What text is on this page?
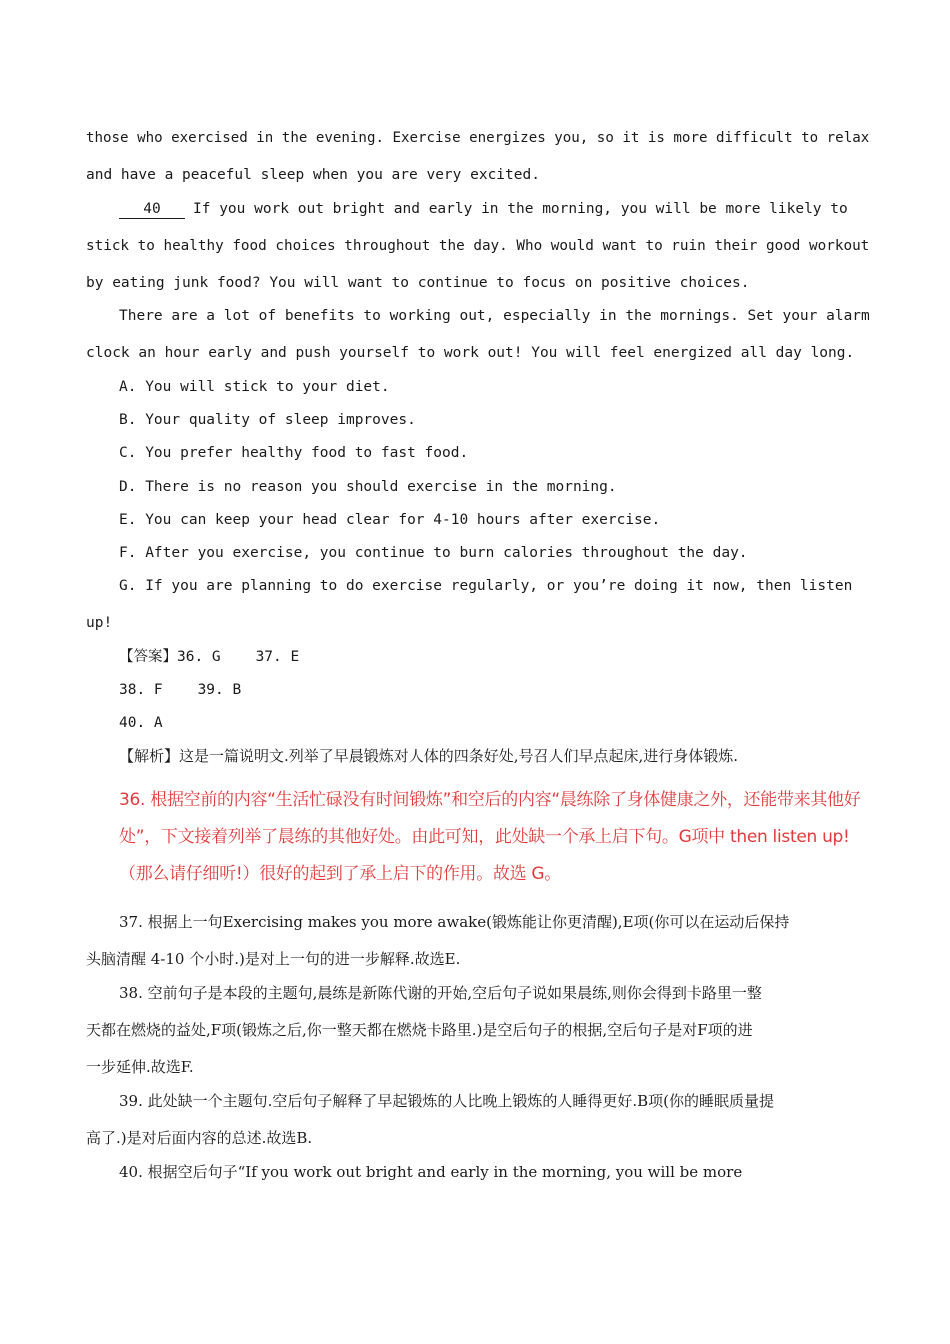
those who exercised in the evening. Exercise energizes you, so it is more difficult to relax
and have a peaceful sleep when you are very excited.
40 If you work out bright and early in the morning, you will be more likely to
stick to healthy food choices throughout the day. Who would want to ruin their good workout
by eating junk food? You will want to continue to focus on positive choices.
There are a lot of benefits to working out, especially in the mornings. Set your alarm
clock an hour early and push yourself to work out! You will feel energized all day long.
A. You will stick to your diet.
B. Your quality of sleep improves.
C. You prefer healthy food to fast food.
D. There is no reason you should exercise in the morning.
E. You can keep your head clear for 4-10 hours after exercise.
F. After you exercise, you continue to burn calories throughout the day.
G. If you are planning to do exercise regularly, or you’re doing it now, then listen
up!
【答案】36. G    37. E
38. F    39. B
40. A
【解析】这是一篇说明文.列举了早晨锻炼对人体的四条好处,号召人们早点起床,进行身体锻炼.
36. 根据空前的内容“生活忙碌没有时间锻炼”和空后的内容“晨练除了身体健康之外，还能带来其他好处”，下文接着列举了晨练的其他好处。由此可知，此处缺一个承上启下句。G项中 then listen up!（那么请仔细听!）很好的起到了承上启下的作用。故选 G。
37. 根据上一句Exercising makes you more awake(锻炼能让你更清醒),E项(你可以在运动后保持
头脑清醒 4-10 个小时.)是对上一句的进一步解释.故选E.
38. 空前句子是本段的主题句,晨练是新陈代谢的开始,空后句子说如果晨练,则你会得到卡路里一整
天都在燃烧的益处,F项(锻炼之后,你一整天都在燃烧卡路里.)是空后句子的根据,空后句子是对F项的进
一步延伸.故选F.
39. 此处缺一个主题句.空后句子解释了早起锻炼的人比晚上锻炼的人睡得更好.B项(你的睡眠质量提
高了.)是对后面内容的总述.故选B.
40. 根据空后句子“If you work out bright and early in the morning, you will be more
